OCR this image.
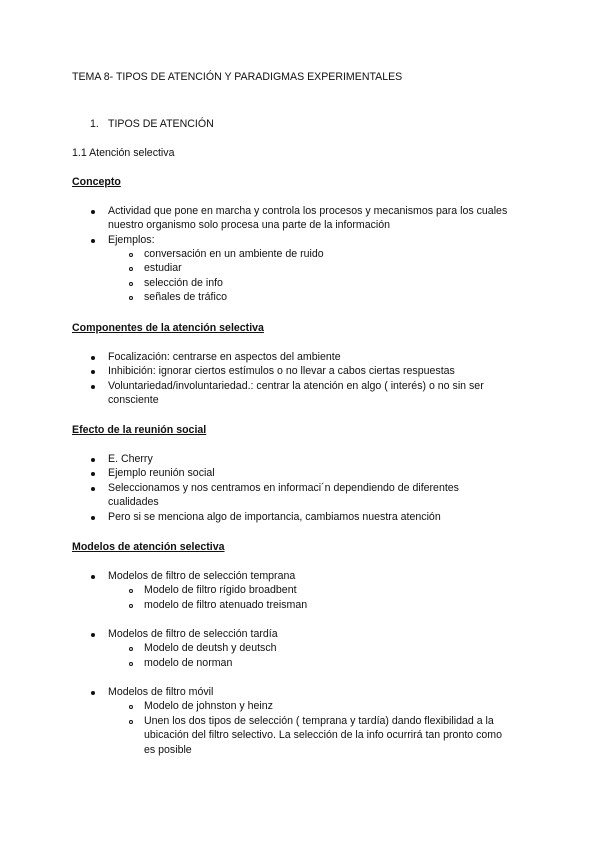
TEMA 8- TIPOS DE ATENCIÓN Y PARADIGMAS EXPERIMENTALES
1. TIPOS DE ATENCIÓN
1.1 Atención selectiva
Concepto
Actividad que pone en marcha y controla los procesos y mecanismos para los cuales
nuestro organismo solo procesa una parte de la información
Ejemplos:
conversación en un ambiente de ruido
estudiar
selección de info
señales de tráfico
Componentes de la atención selectiva
Focalización: centrarse en aspectos del ambiente
Inhibición: ignorar ciertos estímulos o no llevar a cabos ciertas respuestas
Voluntariedad/involuntariedad.: centrar la atención en algo ( interés) o no sin ser
consciente
Efecto de la reunión social
E. Cherry
Ejemplo reunión social
Seleccionamos y nos centramos en informaci´n dependiendo de diferentes
cualidades
Pero si se menciona algo de importancia, cambiamos nuestra atención
Modelos de atención selectiva
Modelos de filtro de selección temprana
Modelo de filtro rígido broadbent
modelo de filtro atenuado treisman
Modelos de filtro de selección tardía
Modelo de deutsh y deutsch
modelo de norman
Modelos de filtro móvil
Modelo de johnston y heinz
Unen los dos tipos de selección ( temprana y tardía) dando flexibilidad a la
ubicación del filtro selectivo. La selección de la info ocurrirá tan pronto como
es posible
